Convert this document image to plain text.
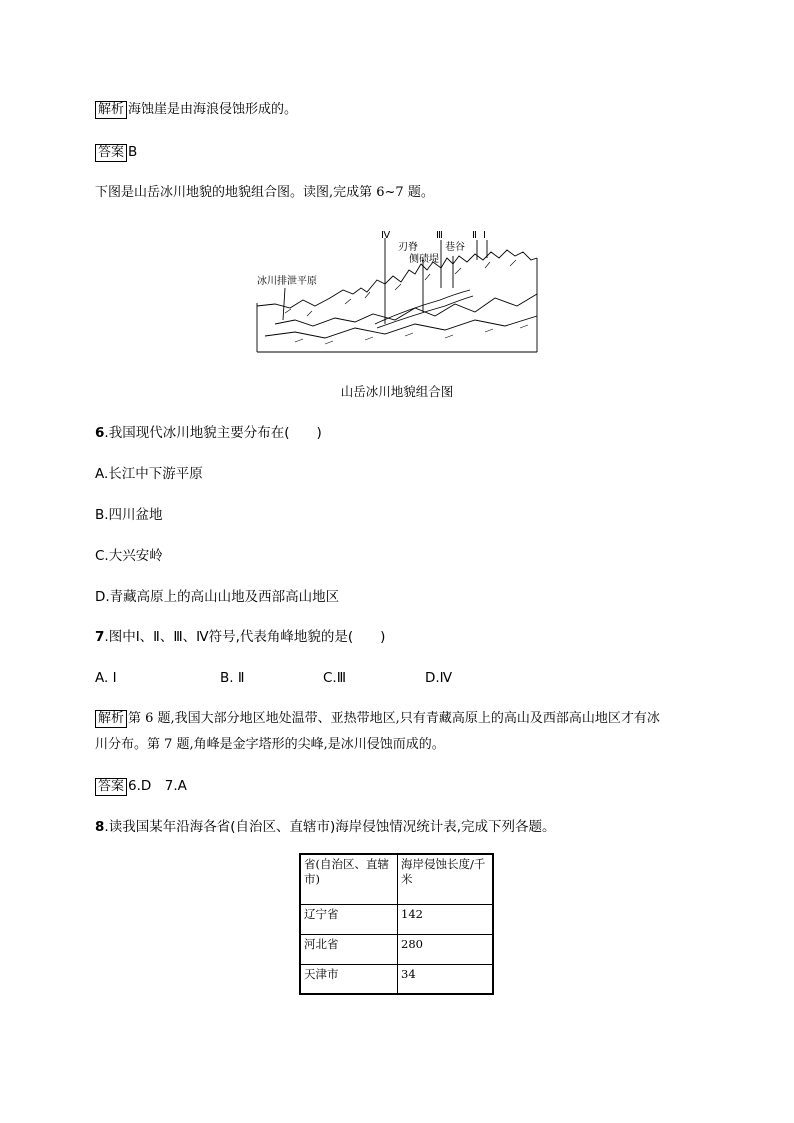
解析 海蚀崖是由海浪侵蚀形成的。
答案 B
下图是山岳冰川地貌的地貌组合图。读图,完成第 6~7 题。
Ⅳ
刃脊
侧碛堤
Ⅲ
巷谷
Ⅱ Ⅰ
冰川排泄平原
山岳冰川地貌组合图
6.我国现代冰川地貌主要分布在(　　)
A.长江中下游平原
B.四川盆地
C.大兴安岭
D.青藏高原上的高山山地及西部高山地区
7.图中Ⅰ、Ⅱ、Ⅲ、Ⅳ符号,代表角峰地貌的是(　　)
A. Ⅰ	B. Ⅱ	C.Ⅲ	D.Ⅳ
解析 第 6 题,我国大部分地区地处温带、亚热带地区,只有青藏高原上的高山及西部高山地区才有冰
川分布。第 7 题,角峰是金字塔形的尖峰,是冰川侵蚀而成的。
答案 6.D　7.A
8.读我国某年沿海各省(自治区、直辖市)海岸侵蚀情况统计表,完成下列各题。
省(自治区、直辖市)	海岸侵蚀长度/千米
辽宁省	142
河北省	280
天津市	34
